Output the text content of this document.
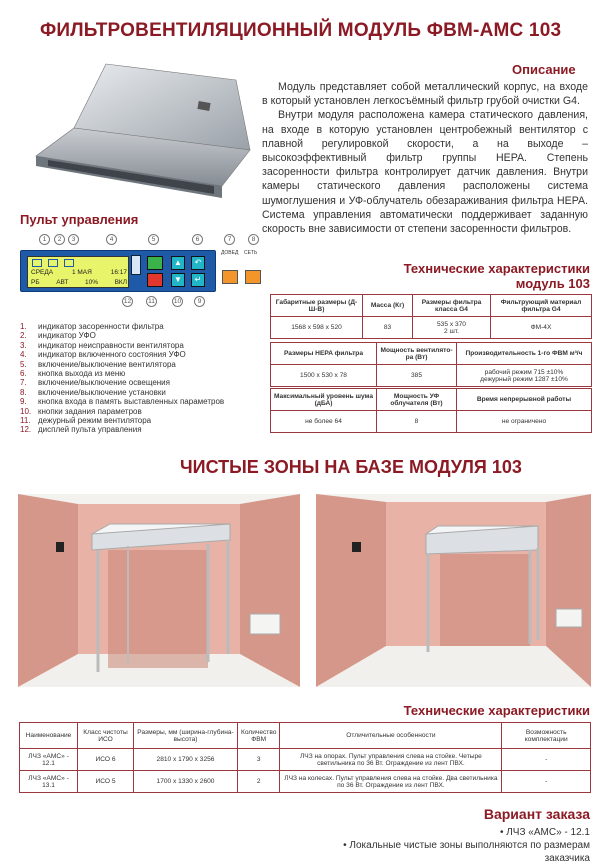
ФИЛЬТРОВЕНТИЛЯЦИОННЫЙ МОДУЛЬ ФВМ-АМС 103
Описание

Модуль представляет собой металлический корпус, на входе в который установлен легкосъёмный фильтр грубой очистки G4.

Внутри модуля расположена камера статического давления, на входе в которую установлен центробежный вентилятор с плавной регулировкой скорости, а на выходе – высокоэффективный фильтр группы HEPA. Степень засоренности фильтра контролирует датчик давления. Внутри камеры статического давления расположены система шумоглушения и УФ-облучатель обезараживания фильтра HEPA. Система управления автоматически поддерживает заданную скорость вне зависимости от степени засоренности фильтров.

Пульт управления
1	2	3	4	5	6	7	8
СРЕДА	1 МАЯ	16:17
РБ	АВТ	10%	ВКЛ
▲
▼
↶
↵
ДОВЕД СЕТЬ
12	11	10	9
1.	индикатор засоренности фильтра
2.	индикатор УФО
3.	индикатор неисправности вентилятора
4.	индикатор включенного состояния УФО
5.	включение/выключение вентилятора
6.	кнопка выхода из меню
7.	включение/выключение освещения
8.	включение/выключение установки
9.	кнопка входа в память выставленных параметров
10. кнопки задания параметров
11. дежурный режим вентилятора
12. дисплей пульта управления
Технические характеристики
модуль 103
Габаритные размеры (Д-Ш-В)	Масса (Кг)	Размеры фильтра класса G4	Фильтрующий материал фильтра G4
1568 x 598 x 520	83	535 x 370
2 шт.	ФМ-4Х
Размеры HEPA фильтра	Мощность вентилято-ра (Вт)	Производительность 1-го ФВМ м³/ч
1500 x 530 x 78	385	рабочий режим 715 ±10%
дежурный режим 1287 ±10%
Максимальный уровень шума (дБА)	Мощность УФ облучателя (Вт)	Время непрерывной работы
не более 64	8	не ограничено
ЧИСТЫЕ ЗОНЫ НА БАЗЕ МОДУЛЯ 103
Технические характеристики
Наименование	Класс чистоты ИСО	Размеры, мм (ширина-глубина-высота)	Количество ФВМ	Отличительные особенности	Возможность комплектации
ЛЧЗ «АМС» - 12.1	ИСО 6	2810 x 1790 x 3256	3	ЛЧЗ на опорах. Пульт управления слева на стойке. Четыре светильника по 36 Вт. Ограждение из лент ПВХ.	-
ЛЧЗ «АМС» - 13.1	ИСО 5	1700 x 1330 x 2600	2	ЛЧЗ на колесах. Пульт управления слева на стойке. Два светильника по 36 Вт. Ограждение из лент ПВХ.	-
Вариант заказа
• ЛЧЗ «АМС» - 12.1
• Локальные чистые зоны выполняются по размерам заказчика
